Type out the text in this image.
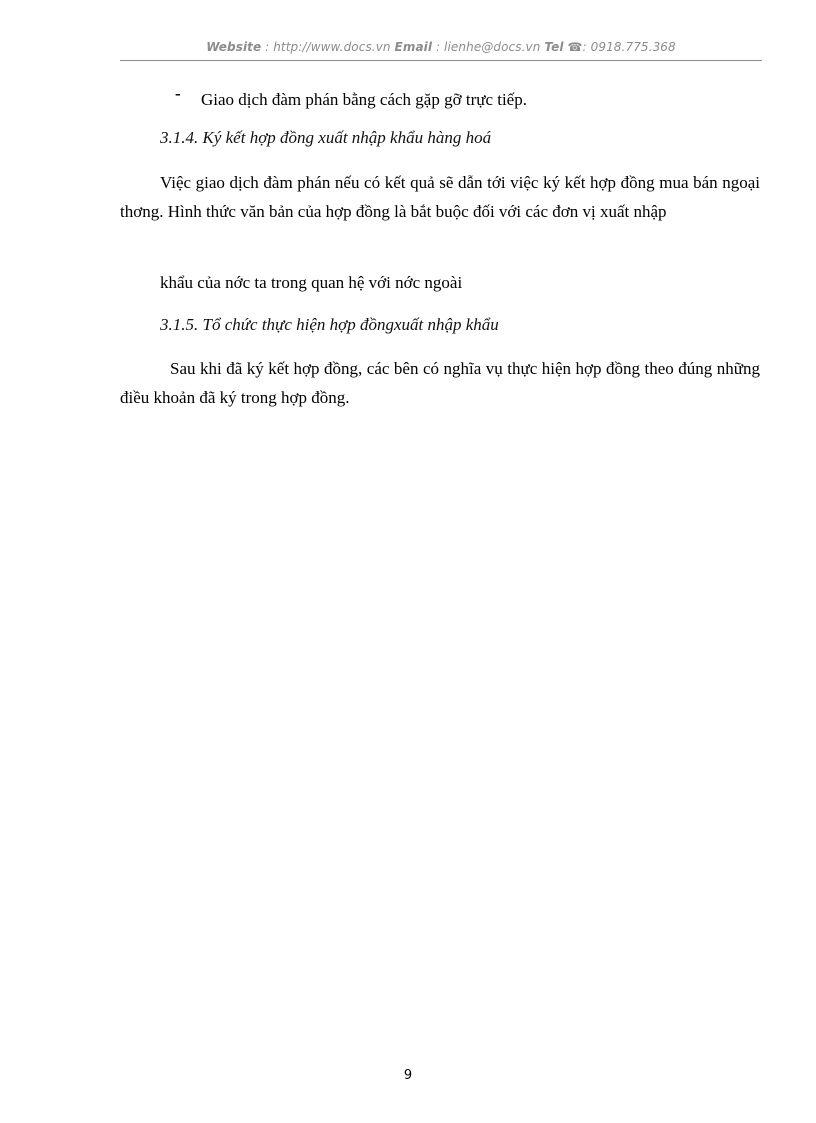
Website : http://www.docs.vn Email : lienhe@docs.vn Tel ☎: 0918.775.368
- Giao dịch đàm phán bằng cách gặp gỡ trực tiếp.
3.1.4. Ký kết hợp đồng xuất nhập khẩu hàng hoá
Việc giao dịch đàm phán nếu có kết quả sẽ dẫn tới việc ký kết hợp đồng mua bán ngoại thơng. Hình thức văn bản của hợp đồng là bắt buộc đối với các đơn vị xuất nhập
khẩu của nớc ta trong quan hệ với nớc ngoài
3.1.5. Tổ chức thực hiện hợp đồngxuất nhập khẩu
Sau khi đã ký kết hợp đồng, các bên có nghĩa vụ thực hiện hợp đồng theo đúng những điều khoản đã ký trong hợp đồng.
9
